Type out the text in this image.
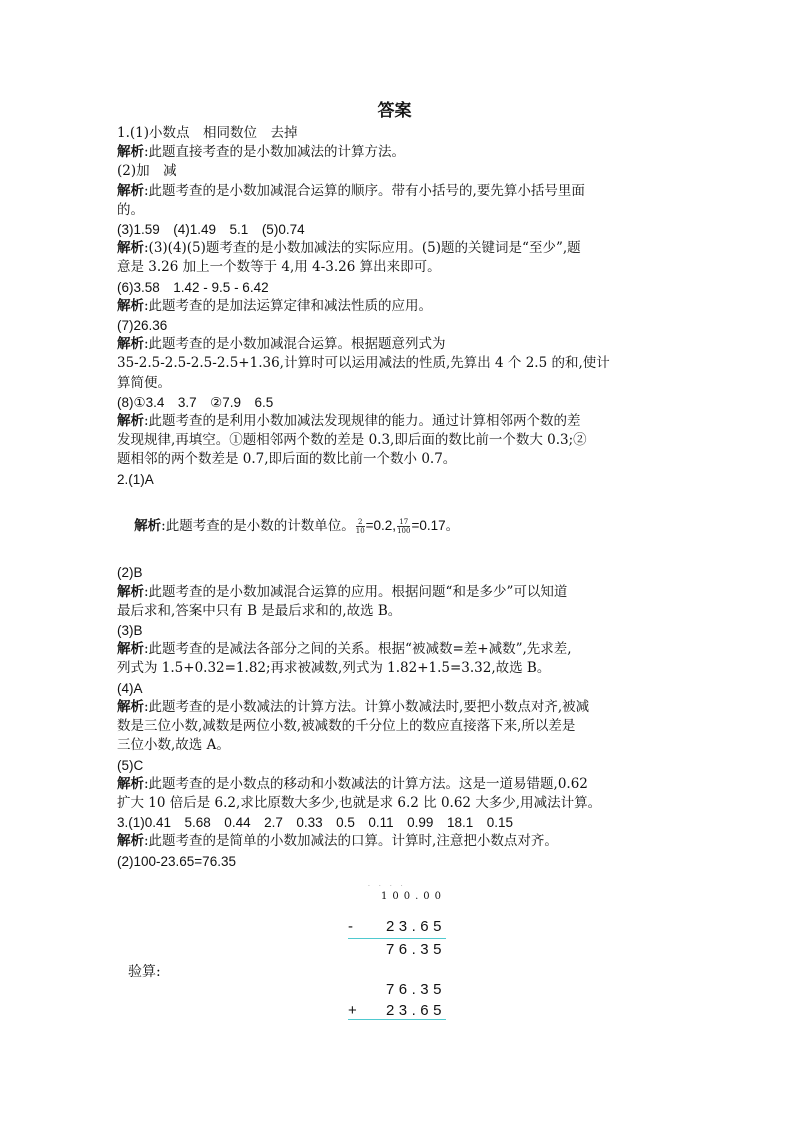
答案
1.(1)小数点　相同数位　去掉
解析:此题直接考查的是小数加减法的计算方法。
(2)加　减
解析:此题考查的是小数加减混合运算的顺序。带有小括号的,要先算小括号里面
的。
(3)1.59　(4)1.49　5.1　(5)0.74
解析:(3)(4)(5)题考查的是小数加减法的实际应用。(5)题的关键词是“至少”,题
意是 3.26 加上一个数等于 4,用 4-3.26 算出来即可。
(6)3.58　1.42 - 9.5 - 6.42
解析:此题考查的是加法运算定律和减法性质的应用。
(7)26.36
解析:此题考查的是小数加减混合运算。根据题意列式为
35-2.5-2.5-2.5-2.5+1.36,计算时可以运用减法的性质,先算出 4 个 2.5 的和,使计
算简便。
(8)①3.4　3.7　②7.9　6.5
解析:此题考查的是利用小数加减法发现规律的能力。通过计算相邻两个数的差
发现规律,再填空。①题相邻两个数的差是 0.3,即后面的数比前一个数大 0.3;②
题相邻的两个数差是 0.7,即后面的数比前一个数小 0.7。
2.(1)A

解析:此题考查的是小数的计数单位。 $\frac{2}{10} =0.2$, $\frac{17}{100} =0.17$。

(2)B
解析:此题考查的是小数加减混合运算的应用。根据问题“和是多少”可以知道
最后求和,答案中只有 B 是最后求和的,故选 B。
(3)B
解析:此题考查的是减法各部分之间的关系。根据“被减数=差+减数”,先求差,
列式为 1.5+0.32=1.82;再求被减数,列式为 1.82+1.5=3.32,故选 B。
(4)A
解析:此题考查的是小数减法的计算方法。计算小数减法时,要把小数点对齐,被减
数是三位小数,减数是两位小数,被减数的千分位上的数应直接落下来,所以差是
三位小数,故选 A。
(5)C
解析:此题考查的是小数点的移动和小数减法的计算方法。这是一道易错题,0.62
扩大 10 倍后是 6.2,求比原数大多少,也就是求 6.2 比 0.62 大多少,用减法计算。
3.(1)0.41　5.68　0.44　2.7　0.33　0.5　0.11　0.99　18.1　0.15
解析:此题考查的是简单的小数加减法的口算。计算时,注意把小数点对齐。
(2)100-23.65=76.35
····
100.00
- 23.65
76.35
76.35
+ 23.65
验算:
